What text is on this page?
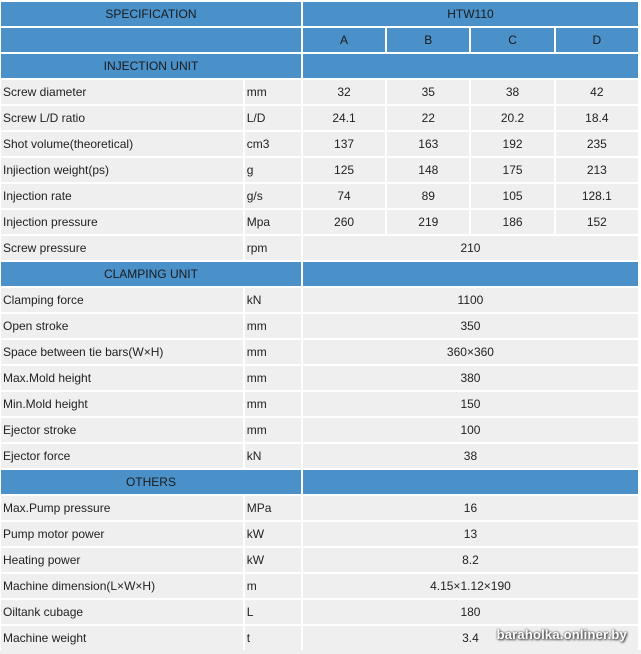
SPECIFICATION		HTW110			
		A	B	C	D
INJECTION UNIT					
Screw diameter	mm	32	35	38	42
Screw L/D ratio	L/D	24.1	22	20.2	18.4
Shot volume(theoretical)	cm3	137	163	192	235
Injiection weight(ps)	g	125	148	175	213
Injection rate	g/s	74	89	105	128.1
Injection pressure	Mpa	260	219	186	152
Screw pressure	rpm	210			
CLAMPING UNIT					
Clamping force	kN	1100			
Open stroke	mm	350			
Space between tie bars(W×H)	mm	360×360			
Max.Mold height	mm	380			
Min.Mold height	mm	150			
Ejector stroke	mm	100			
Ejector force	kN	38			
OTHERS					
Max.Pump pressure	MPa	16			
Pump motor power	kW	13			
Heating power	kW	8.2			
Machine dimension(L×W×H)	m	4.15×1.12×190			
Oiltank cubage	L	180			
Machine weight	t	3.4			baraholka.onliner.by
